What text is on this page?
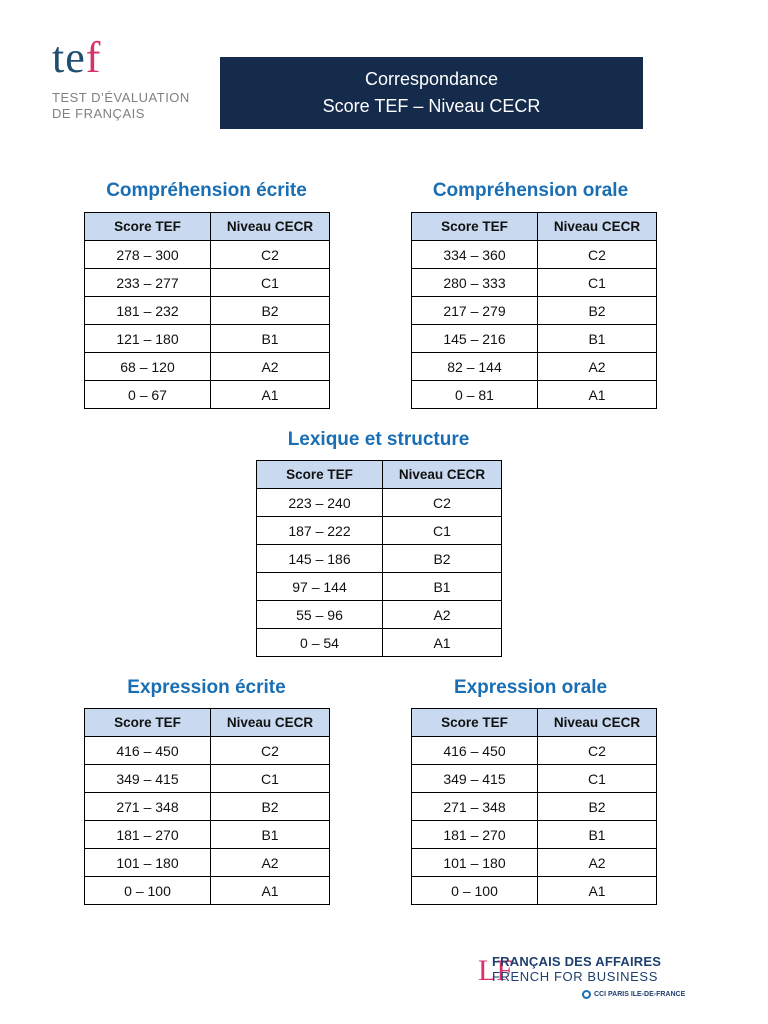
tef
TEST D’ÉVALUATION
DE FRANÇAIS
Correspondance
Score TEF – Niveau CECR
Compréhension écrite
Score TEF	Niveau CECR
278 – 300	C2
233 – 277	C1
181 – 232	B2
121 – 180	B1
68 – 120	A2
0 – 67	A1
Compréhension orale
Score TEF	Niveau CECR
334 – 360	C2
280 – 333	C1
217 – 279	B2
145 – 216	B1
82 – 144	A2
0 – 81	A1
Lexique et structure
Score TEF	Niveau CECR
223 – 240	C2
187 – 222	C1
145 – 186	B2
97 – 144	B1
55 – 96	A2
0 – 54	A1
Expression écrite
Score TEF	Niveau CECR
416 – 450	C2
349 – 415	C1
271 – 348	B2
181 – 270	B1
101 – 180	A2
0 – 100	A1
Expression orale
Score TEF	Niveau CECR
416 – 450	C2
349 – 415	C1
271 – 348	B2
181 – 270	B1
101 – 180	A2
0 – 100	A1
LF
FRANÇAIS DES AFFAIRES
FRENCH FOR BUSINESS
CCI PARIS ILE-DE-FRANCE
